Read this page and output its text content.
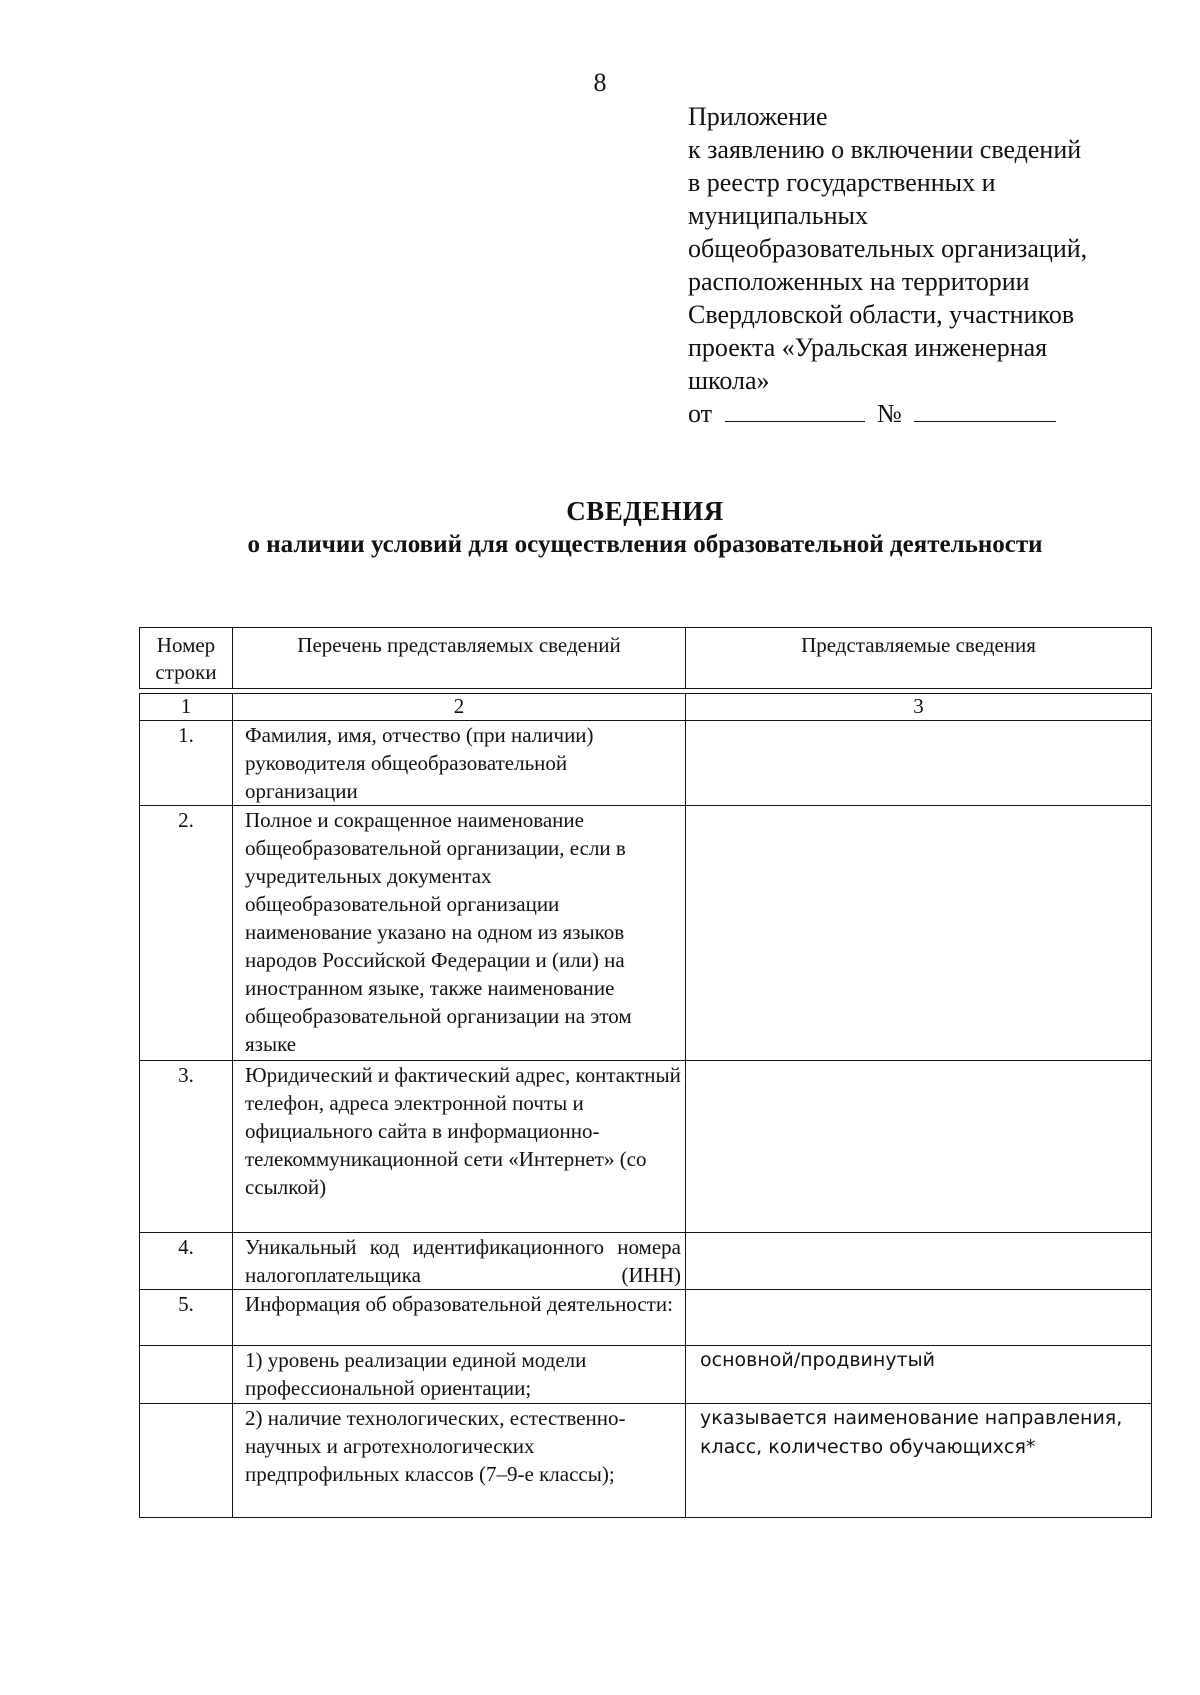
8
Приложение
к заявлению о включении сведений
в реестр государственных и
муниципальных
общеобразовательных организаций,
расположенных на территории
Свердловской области, участников
проекта «Уральская инженерная
школа»
от	№
СВЕДЕНИЯ
о наличии условий для осуществления образовательной деятельности
Номер строки	Перечень представляемых сведений	Представляемые сведения
1	2	3
1.	Фамилия, имя, отчество (при наличии) руководителя общеобразовательной организации	
2.	Полное и сокращенное наименование общеобразовательной организации, если в учредительных документах общеобразовательной организации наименование указано на одном из языков народов Российской Федерации и (или) на иностранном языке, также наименование общеобразовательной организации на этом языке	
3.	Юридический и фактический адрес, контактный телефон, адреса электронной почты и официального сайта в информационно-телекоммуникационной сети «Интернет» (со ссылкой)	
4.	Уникальный код идентификационного номера налогоплательщика (ИНН)	
5.	Информация об образовательной деятельности:	
	1) уровень реализации единой модели профессиональной ориентации;	основной/продвинутый
	2) наличие технологических, естественно-научных и агротехнологических предпрофильных классов (7–9-е классы);	указывается наименование направления, класс, количество обучающихся*
